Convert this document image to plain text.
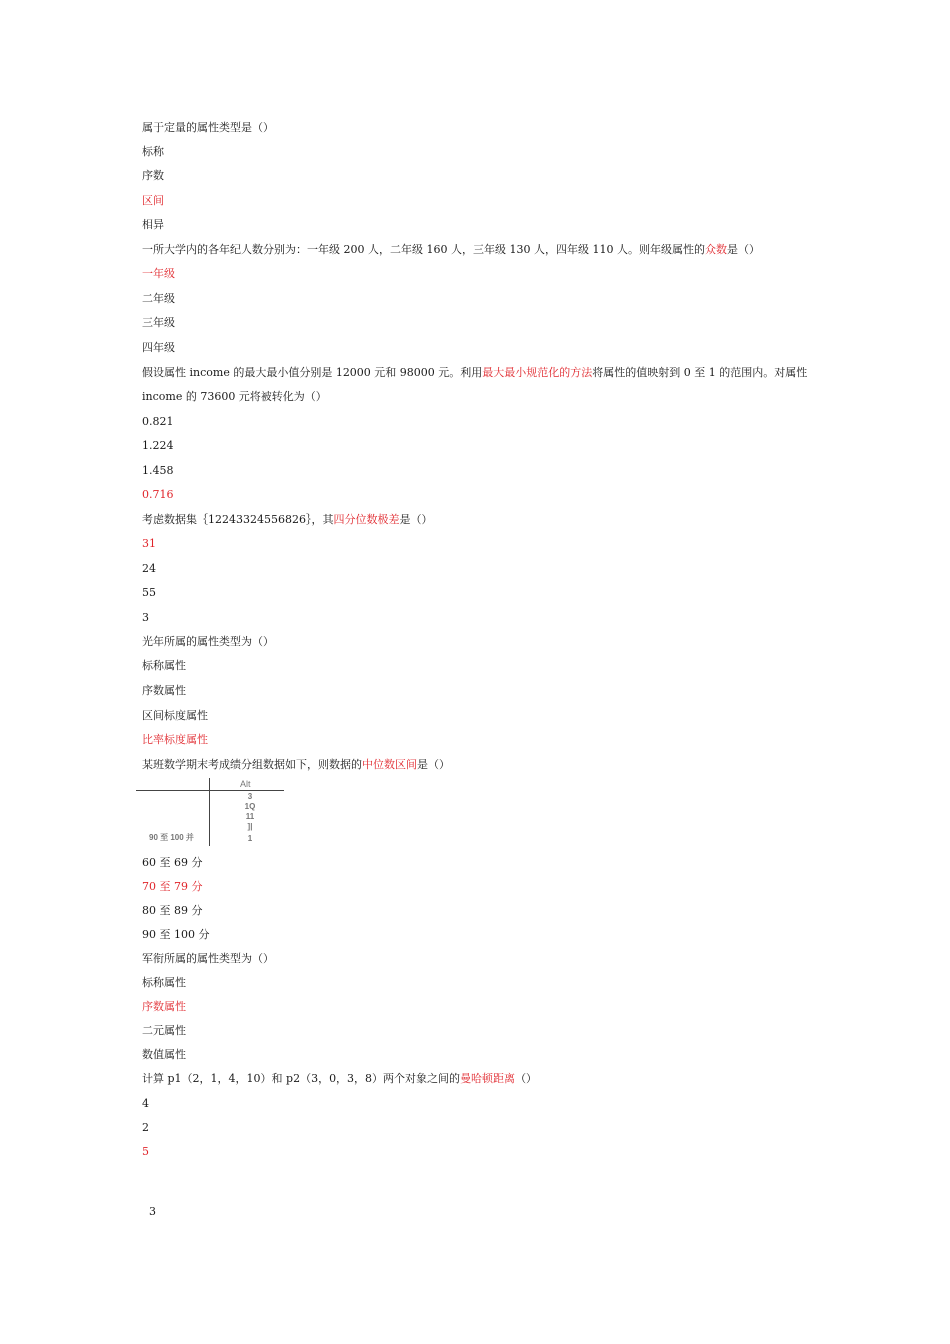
属于定量的属性类型是（）
标称
序数
区间
相异
一所大学内的各年纪人数分别为：一年级 200 人，二年级 160 人，三年级 130 人，四年级 110 人。则年级属性的众数是（）
一年级
二年级
三年级
四年级
假设属性 income 的最大最小值分别是 12000 元和 98000 元。利用最大最小规范化的方法将属性的值映射到 0 至 1 的范围内。对属性
income 的 73600 元将被转化为（）
0.821
1.224
1.458
0.716
考虑数据集｛12243324556826｝，其四分位数极差是（）
31
24
55
3
光年所属的属性类型为（）
标称属性
序数属性
区间标度属性
比率标度属性
某班数学期末考成绩分组数据如下，则数据的中位数区间是（）
60 至 69 分
70 至 79 分
80 至 89 分
90 至 100 分
军衔所属的属性类型为（）
标称属性
序数属性
二元属性
数值属性
计算 p1（2，1，4，10）和 p2（3，0，3，8）两个对象之间的曼哈顿距离（）
4
2
5
Alt
3
1Q
11
]|
1
90 至 100 并
3
